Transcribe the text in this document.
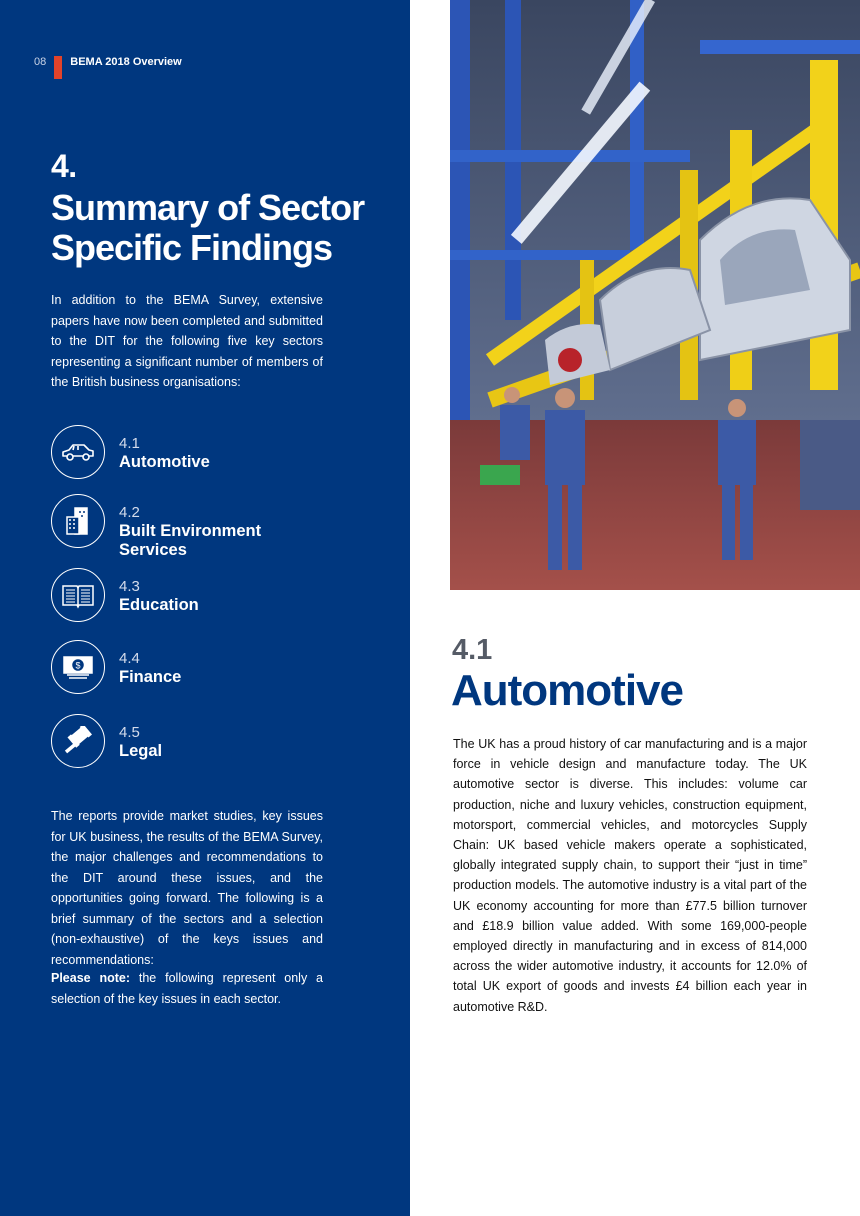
08 BEMA 2018 Overview
4.
Summary of Sector Specific Findings
In addition to the BEMA Survey, extensive papers have now been completed and submitted to the DIT for the following five key sectors representing a significant number of members of the British business organisations:
4.1
Automotive
4.2
Built Environment Services
4.3
Education
$	4.4
Finance
4.5
Legal
The reports provide market studies, key issues for UK business, the results of the BEMA Survey, the major challenges and recommendations to the DIT around these issues, and the opportunities going forward. The following is a brief summary of the sectors and a selection (non-exhaustive) of the keys issues and recommendations:
Please note: the following represent only a selection of the key issues in each sector.
4.1
Automotive
The UK has a proud history of car manufacturing and is a major force in vehicle design and manufacture today. The UK automotive sector is diverse. This includes: volume car production, niche and luxury vehicles, construction equipment, motorsport, commercial vehicles, and motorcycles Supply Chain: UK based vehicle makers operate a sophisticated, globally integrated supply chain, to support their “just in time” production models. The automotive industry is a vital part of the UK economy accounting for more than £77.5 billion turnover and £18.9 billion value added. With some 169,000-people employed directly in manufacturing and in excess of 814,000 across the wider automotive industry, it accounts for 12.0% of total UK export of goods and invests £4 billion each year in automotive R&D.
